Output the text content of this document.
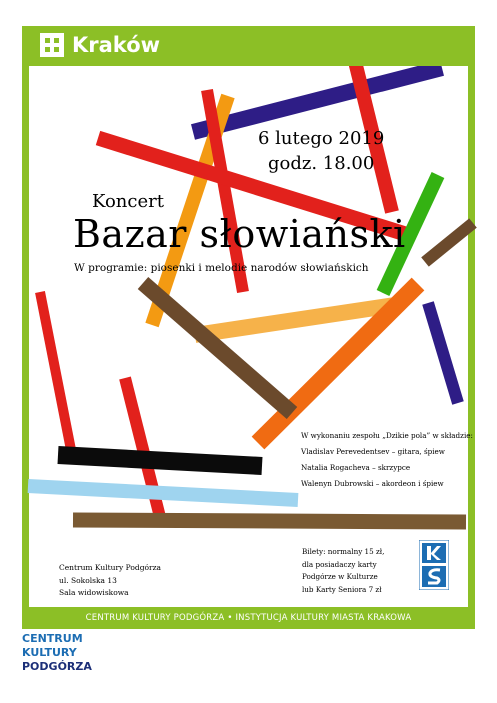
Kraków
6 lutego 2019
godz. 18.00
Koncert
Bazar słowiański
W programie: piosenki i melodie narodów słowiańskich
W wykonaniu zespołu „Dzikie pola” w składzie:
Vladislav Perevedentsev – gitara, śpiew
Natalia Rogacheva – skrzypce
Walenyn Dubrowski – akordeon i śpiew
Centrum Kultury Podgórza
ul. Sokolska 13
Sala widowiskowa
Bilety: normalny 15 zł,
dla posiadaczy karty
Podgórze w Kulturze
lub Karty Seniora 7 zł
CENTRUM KULTURY PODGÓRZA • INSTYTUCJA KULTURY MIASTA KRAKOWA
CENTRUM
KULTURY
PODGÓRZA
